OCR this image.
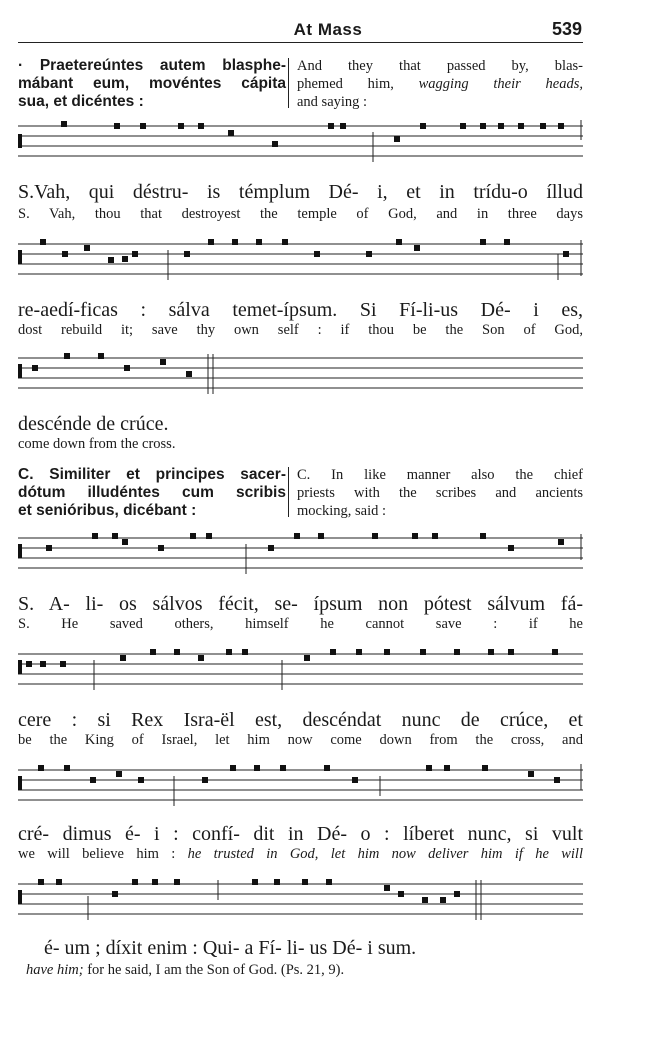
At Mass	539
· Praetereúntes autem blasphe-
mábant eum, movéntes cápita

sua, et dicéntes :
And they that passed by, blas-
phemed him, wagging their heads,
and saying :
S.Vah, qui déstru- is témplum Dé- i, et in trídu-o íllud
S. Vah, thou that destroyest the temple of God, and in three days
re-aedí-ficas : sálva temet-ípsum. Si Fí-li-us Dé- i es,
dost rebuild it; save thy own self : if thou be the Son of God,
descénde de crúce.
come down from the cross.
C. Similiter et principes sacer-
dótum illudéntes cum scribis

et senióribus, dicébant :
C. In like manner also the chief
priests with the scribes and ancients
mocking, said :
S. A- li- os sálvos fécit, se- ípsum non pótest sálvum fá-
S. He saved others, himself he cannot save : if he
cere : si Rex Isra-ël est, descéndat nunc de crúce, et
be the King of Israel, let him now come down from the cross, and
cré- dimus é- i : confí- dit in Dé- o : líberet nunc, si vult
we will believe him : he trusted in God, let him now deliver him if he will
é- um ; díxit enim : Qui- a Fí- li- us Dé- i sum.
have him; for he said, I am the Son of God. (Ps. 21, 9).
